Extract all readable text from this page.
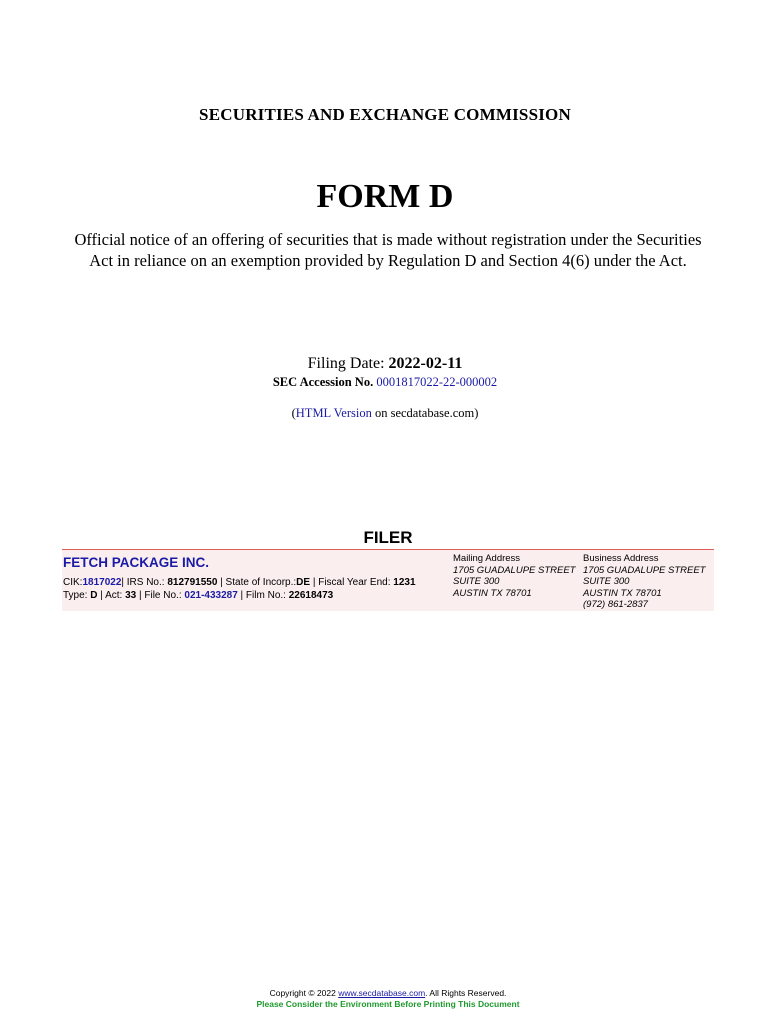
SECURITIES AND EXCHANGE COMMISSION
FORM D
Official notice of an offering of securities that is made without registration under the Securities
Act in reliance on an exemption provided by Regulation D and Section 4(6) under the Act.
Filing Date: 2022-02-11
SEC Accession No. 0001817022-22-000002
(HTML Version on secdatabase.com)
FILER
FETCH PACKAGE INC.
CIK:1817022| IRS No.: 812791550 | State of Incorp.:DE | Fiscal Year End: 1231
Type: D | Act: 33 | File No.: 021-433287 | Film No.: 22618473
Mailing Address
1705 GUADALUPE STREET
SUITE 300
AUSTIN TX 78701
Business Address
1705 GUADALUPE STREET
SUITE 300
AUSTIN TX 78701
(972) 861-2837
Copyright © 2022 www.secdatabase.com. All Rights Reserved.
Please Consider the Environment Before Printing This Document
